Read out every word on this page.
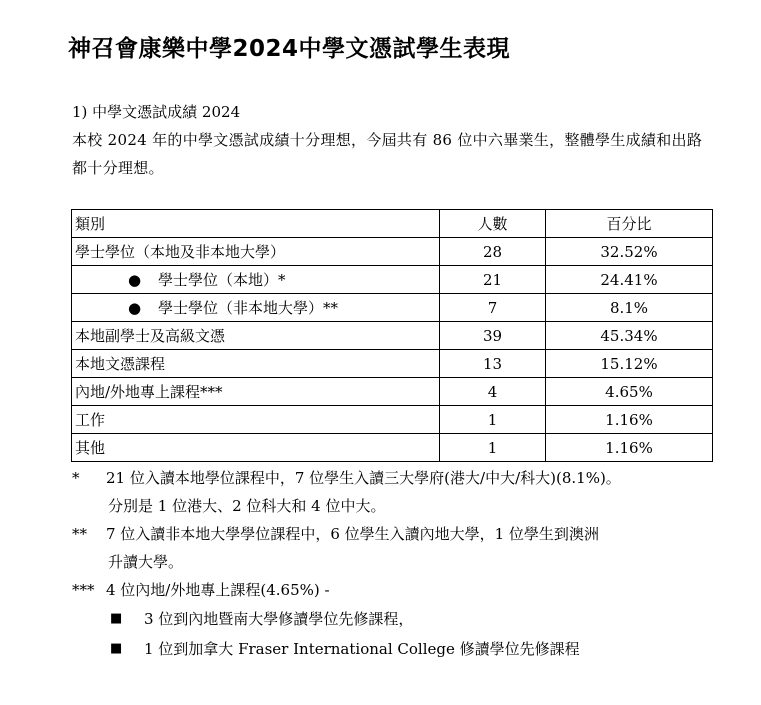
神召會康樂中學2024中學文憑試學生表現
1) 中學文憑試成績 2024
本校 2024 年的中學文憑試成績十分理想，今屆共有 86 位中六畢業生，整體學生成績和出路都十分理想。
類別	人數	百分比
學士學位（本地及非本地大學）	28	32.52%
● 學士學位（本地）*	21	24.41%
● 學士學位（非本地大學）**	7	8.1%
本地副學士及高級文憑	39	45.34%
本地文憑課程	13	15.12%
內地/外地專上課程***	4	4.65%
工作	1	1.16%
其他	1	1.16%
*	21 位入讀本地學位課程中，7 位學生入讀三大學府(港大/中大/科大)(8.1%)。
分別是 1 位港大、2 位科大和 4 位中大。
**	7 位入讀非本地大學學位課程中，6 位學生入讀內地大學，1 位學生到澳洲
升讀大學。
*** 4 位內地/外地專上課程(4.65%) -
■	3 位到內地暨南大學修讀學位先修課程，
■	1 位到加拿大 Fraser International College 修讀學位先修課程
